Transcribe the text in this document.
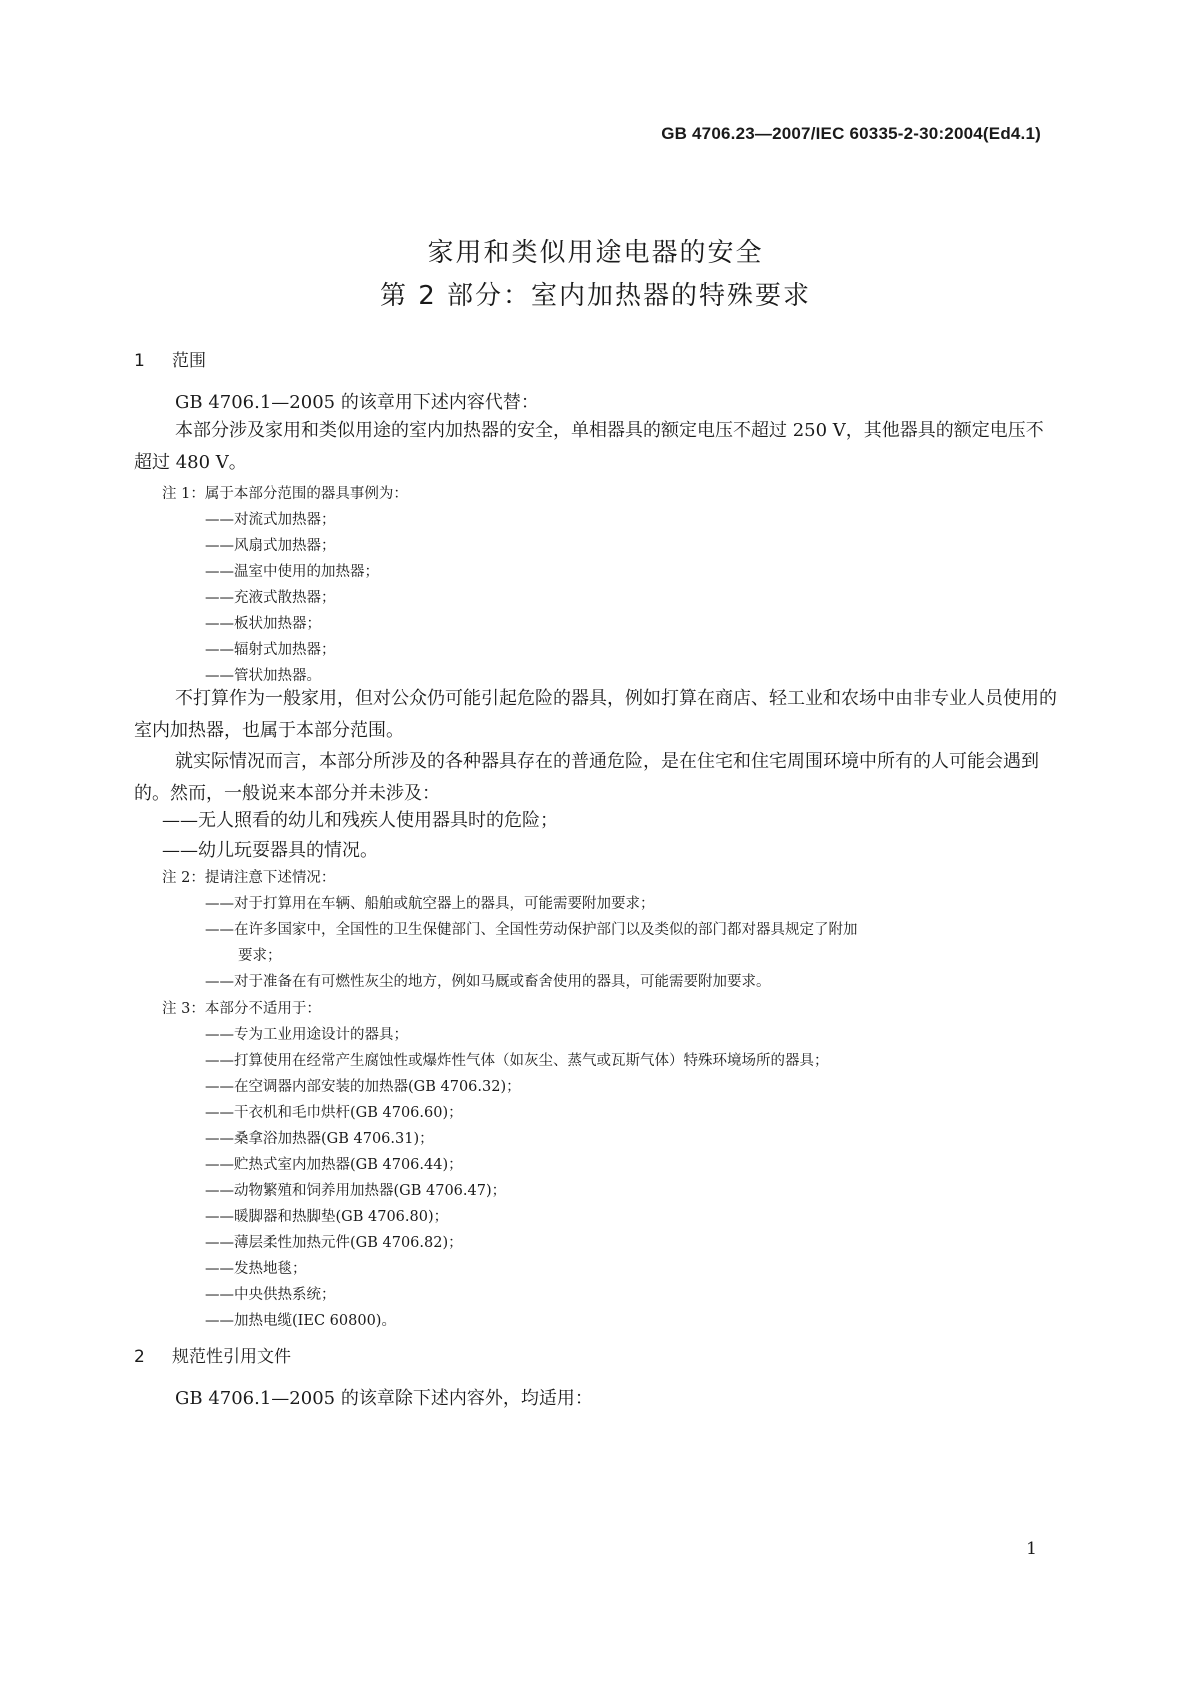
GB 4706.23—2007/IEC 60335-2-30:2004(Ed4.1)
家用和类似用途电器的安全
第 2 部分：室内加热器的特殊要求
1 范围
GB 4706.1—2005 的该章用下述内容代替：
本部分涉及家用和类似用途的室内加热器的安全，单相器具的额定电压不超过 250 V，其他器具的额定电压不超过 480 V。
注 1：属于本部分范围的器具事例为：
——对流式加热器；
——风扇式加热器；
——温室中使用的加热器；
——充液式散热器；
——板状加热器；
——辐射式加热器；
——管状加热器。
不打算作为一般家用，但对公众仍可能引起危险的器具，例如打算在商店、轻工业和农场中由非专业人员使用的室内加热器，也属于本部分范围。
就实际情况而言，本部分所涉及的各种器具存在的普通危险，是在住宅和住宅周围环境中所有的人可能会遇到的。然而，一般说来本部分并未涉及：
——无人照看的幼儿和残疾人使用器具时的危险；
——幼儿玩耍器具的情况。
注 2：提请注意下述情况：
——对于打算用在车辆、船舶或航空器上的器具，可能需要附加要求；
——在许多国家中，全国性的卫生保健部门、全国性劳动保护部门以及类似的部门都对器具规定了附加
要求；
——对于准备在有可燃性灰尘的地方，例如马厩或畜舍使用的器具，可能需要附加要求。
注 3：本部分不适用于：
——专为工业用途设计的器具；
——打算使用在经常产生腐蚀性或爆炸性气体（如灰尘、蒸气或瓦斯气体）特殊环境场所的器具；
——在空调器内部安装的加热器(GB 4706.32)；
——干衣机和毛巾烘杆(GB 4706.60)；
——桑拿浴加热器(GB 4706.31)；
——贮热式室内加热器(GB 4706.44)；
——动物繁殖和饲养用加热器(GB 4706.47)；
——暖脚器和热脚垫(GB 4706.80)；
——薄层柔性加热元件(GB 4706.82)；
——发热地毯；
——中央供热系统；
——加热电缆(IEC 60800)。
2 规范性引用文件
GB 4706.1—2005 的该章除下述内容外，均适用：
1
